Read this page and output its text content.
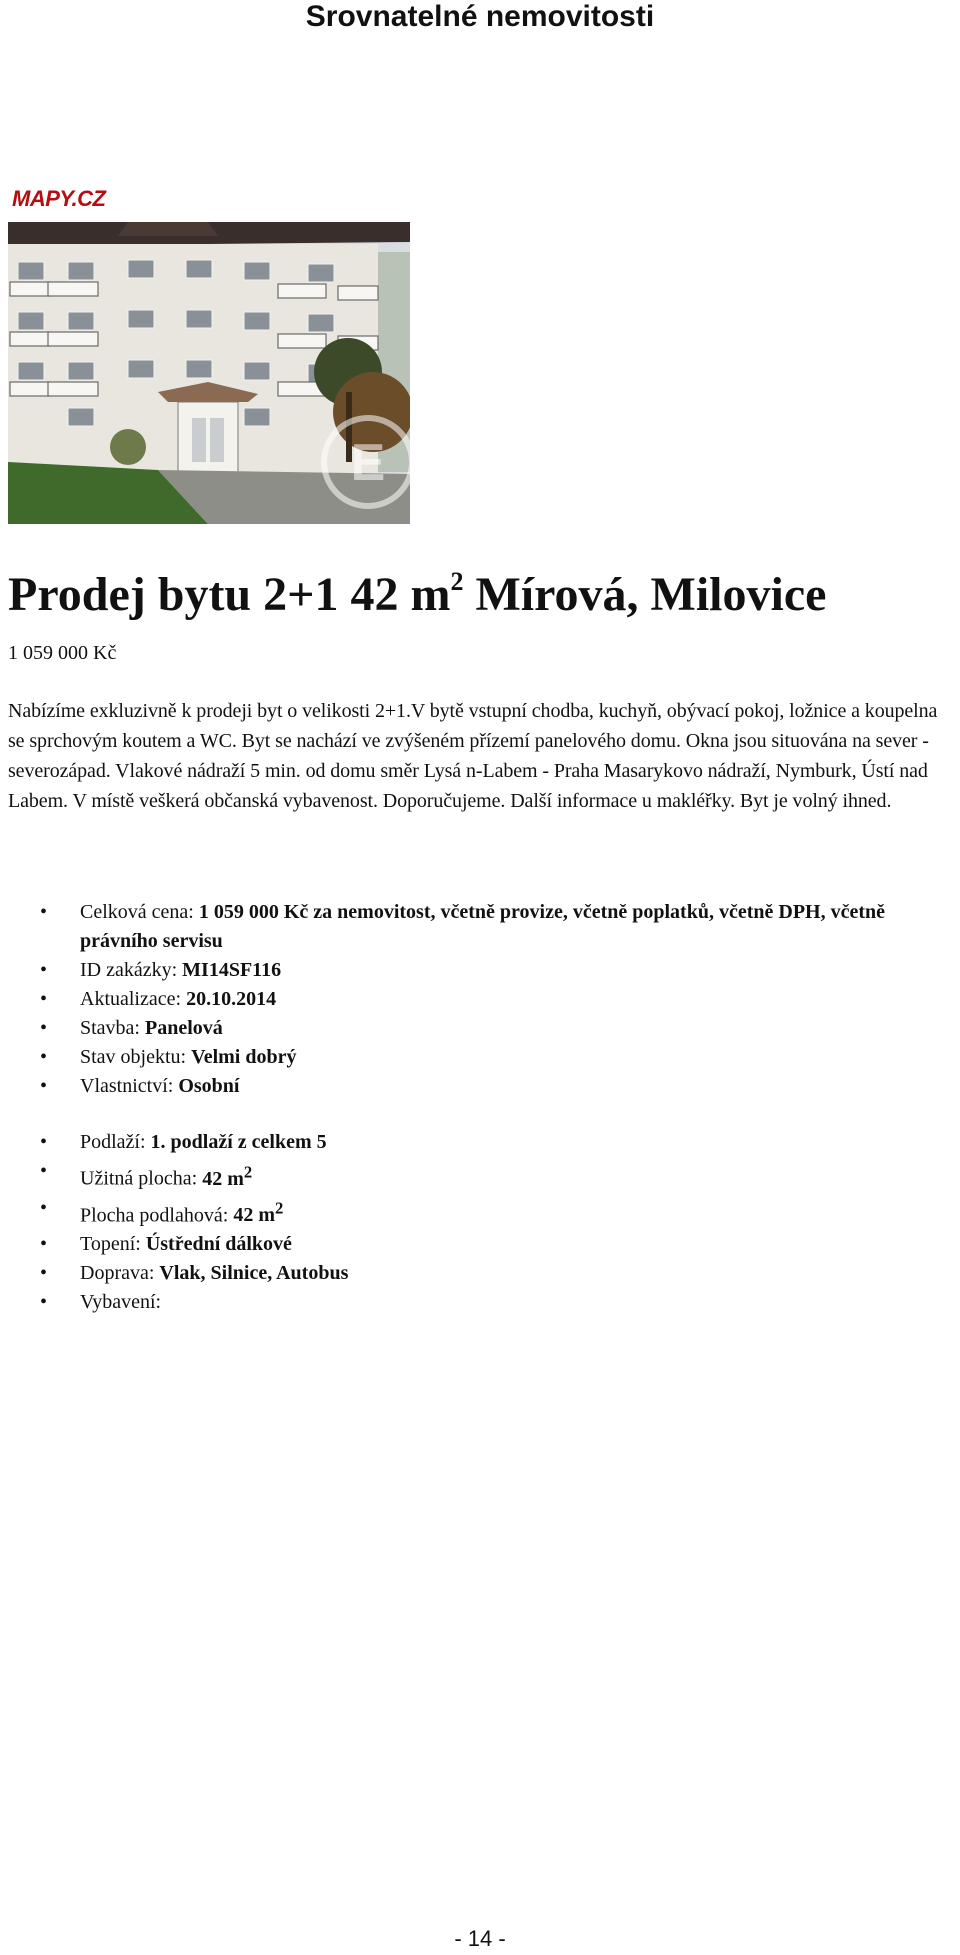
Srovnatelné nemovitosti
MAPY.CZ
E
Prodej bytu 2+1 42 $m^2$ Mírová, Milovice
1 059 000 Kč
Nabízíme exkluzivně k prodeji byt o velikosti 2+1.V bytě vstupní chodba, kuchyň, obývací pokoj, ložnice a koupelna se sprchovým koutem a WC. Byt se nachází ve zvýšeném přízemí panelového domu. Okna jsou situována na sever - severozápad. Vlakové nádraží 5 min. od domu směr Lysá n-Labem - Praha Masarykovo nádraží, Nymburk, Ústí nad Labem. V místě veškerá občanská vybavenost. Doporučujeme. Další informace u makléřky. Byt je volný ihned.
• Celková cena: 1 059 000 Kč za nemovitost, včetně provize, včetně poplatků, včetně DPH, včetně právního servisu
• ID zakázky: MI14SF116
• Aktualizace: 20.10.2014
• Stavba: Panelová
• Stav objektu: Velmi dobrý
• Vlastnictví: Osobní
• Podlaží: 1. podlaží z celkem 5
• Užitná plocha: 42 $m^2$
• Plocha podlahová: 42 $m^2$
• Topení: Ústřední dálkové
• Doprava: Vlak, Silnice, Autobus
• Vybavení:
- 14 -
